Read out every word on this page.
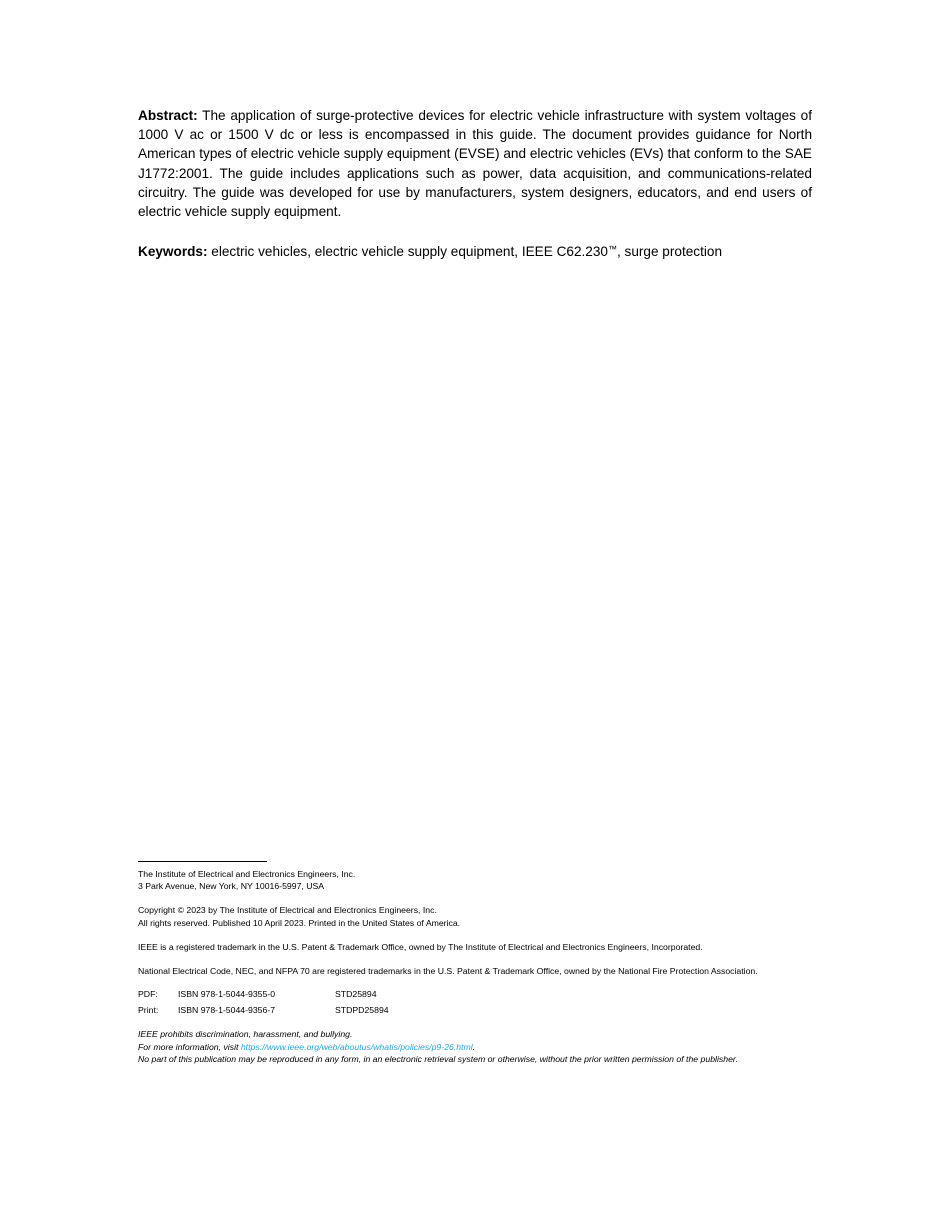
Abstract: The application of surge-protective devices for electric vehicle infrastructure with system voltages of 1000 V ac or 1500 V dc or less is encompassed in this guide. The document provides guidance for North American types of electric vehicle supply equipment (EVSE) and electric vehicles (EVs) that conform to the SAE J1772:2001. The guide includes applications such as power, data acquisition, and communications-related circuitry. The guide was developed for use by manufacturers, system designers, educators, and end users of electric vehicle supply equipment.

Keywords: electric vehicles, electric vehicle supply equipment, IEEE C62.230™, surge protection

The Institute of Electrical and Electronics Engineers, Inc.
3 Park Avenue, New York, NY 10016-5997, USA
Copyright © 2023 by The Institute of Electrical and Electronics Engineers, Inc.
All rights reserved. Published 10 April 2023. Printed in the United States of America.
IEEE is a registered trademark in the U.S. Patent & Trademark Office, owned by The Institute of Electrical and Electronics Engineers, Incorporated.
National Electrical Code, NEC, and NFPA 70 are registered trademarks in the U.S. Patent & Trademark Office, owned by the National Fire Protection Association.
PDF:	ISBN 978-1-5044-9355-0	STD25894
Print:	ISBN 978-1-5044-9356-7	STDPD25894
IEEE prohibits discrimination, harassment, and bullying.
For more information, visit https://www.ieee.org/web/aboutus/whatis/policies/p9-26.html.
No part of this publication may be reproduced in any form, in an electronic retrieval system or otherwise, without the prior written permission of the publisher.
